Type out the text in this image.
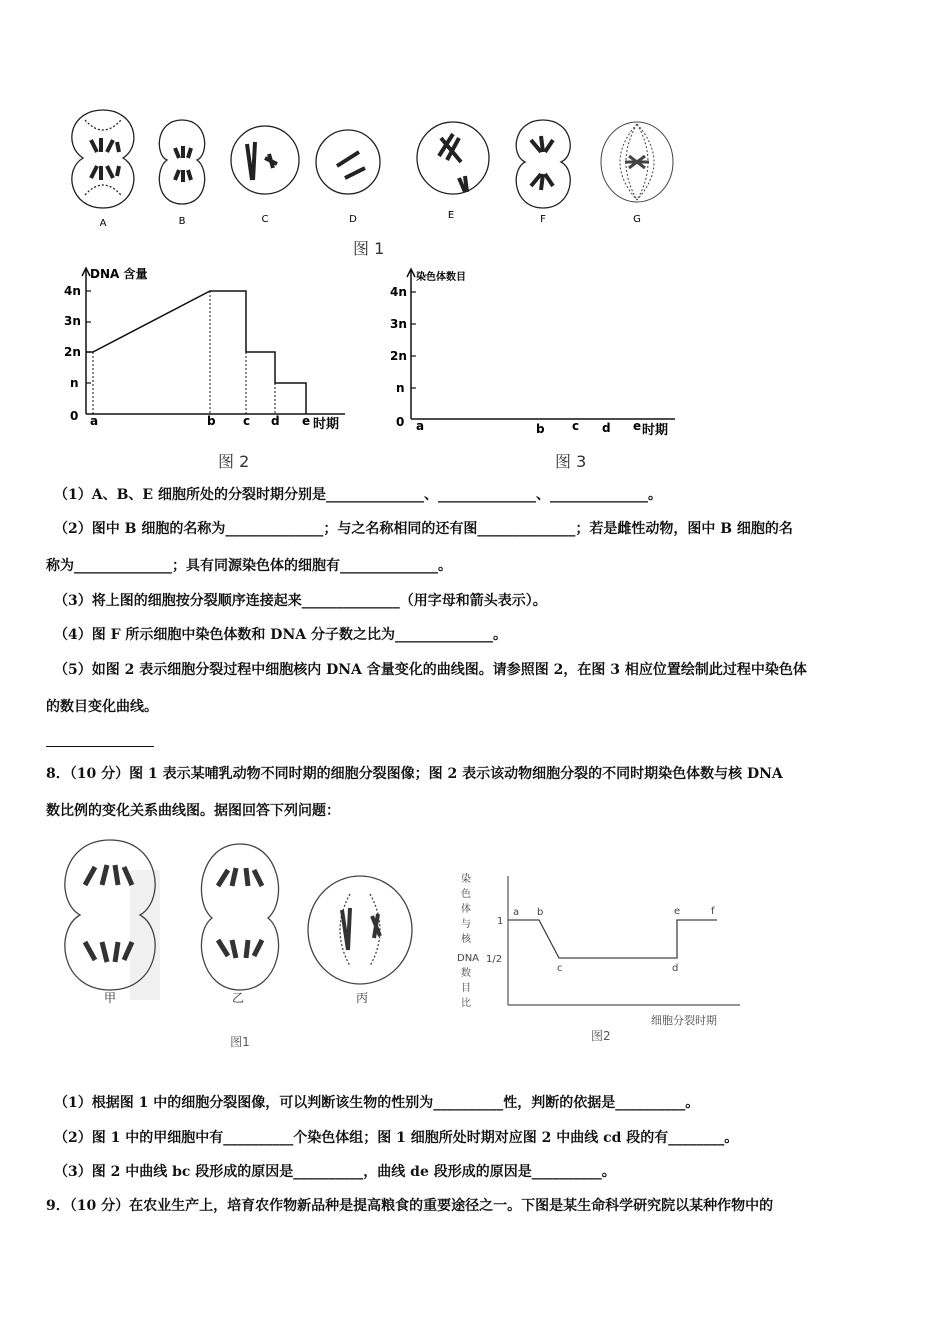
A	B	C	D	E	F	G
图 1
DNA 含量
4n
3n
2n
n
0 a	b c d e 时期
图 2
染色体数目
4n
3n
2n
n
0 a	b c d e 时期
图 3
（1）A、B、E 细胞所处的分裂时期分别是______________、______________、______________。
（2）图中 B 细胞的名称为______________；与之名称相同的还有图______________；若是雌性动物，图中 B 细胞的名
称为______________；具有同源染色体的细胞有______________。
（3）将上图的细胞按分裂顺序连接起来______________（用字母和箭头表示）。
（4）图 F 所示细胞中染色体数和 DNA 分子数之比为______________。
（5）如图 2 表示细胞分裂过程中细胞核内 DNA 含量变化的曲线图。请参照图 2，在图 3 相应位置绘制此过程中染色体
的数目变化曲线。
8．（10 分）图 1 表示某哺乳动物不同时期的细胞分裂图像；图 2 表示该动物细胞分裂的不同时期染色体数与核 DNA
数比例的变化关系曲线图。据图回答下列问题：
甲	乙	丙
图1
染
色
体
与
核
DNA
数
目
比
1
1/2
a b
c	d
e	f
细胞分裂时期
图2
（1）根据图 1 中的细胞分裂图像，可以判断该生物的性别为__________性，判断的依据是__________。
（2）图 1 中的甲细胞中有__________个染色体组；图 1 细胞所处时期对应图 2 中曲线 cd 段的有________。
（3）图 2 中曲线 bc 段形成的原因是__________，曲线 de 段形成的原因是__________。
9．（10 分）在农业生产上，培育农作物新品种是提高粮食的重要途径之一。下图是某生命科学研究院以某种作物中的
